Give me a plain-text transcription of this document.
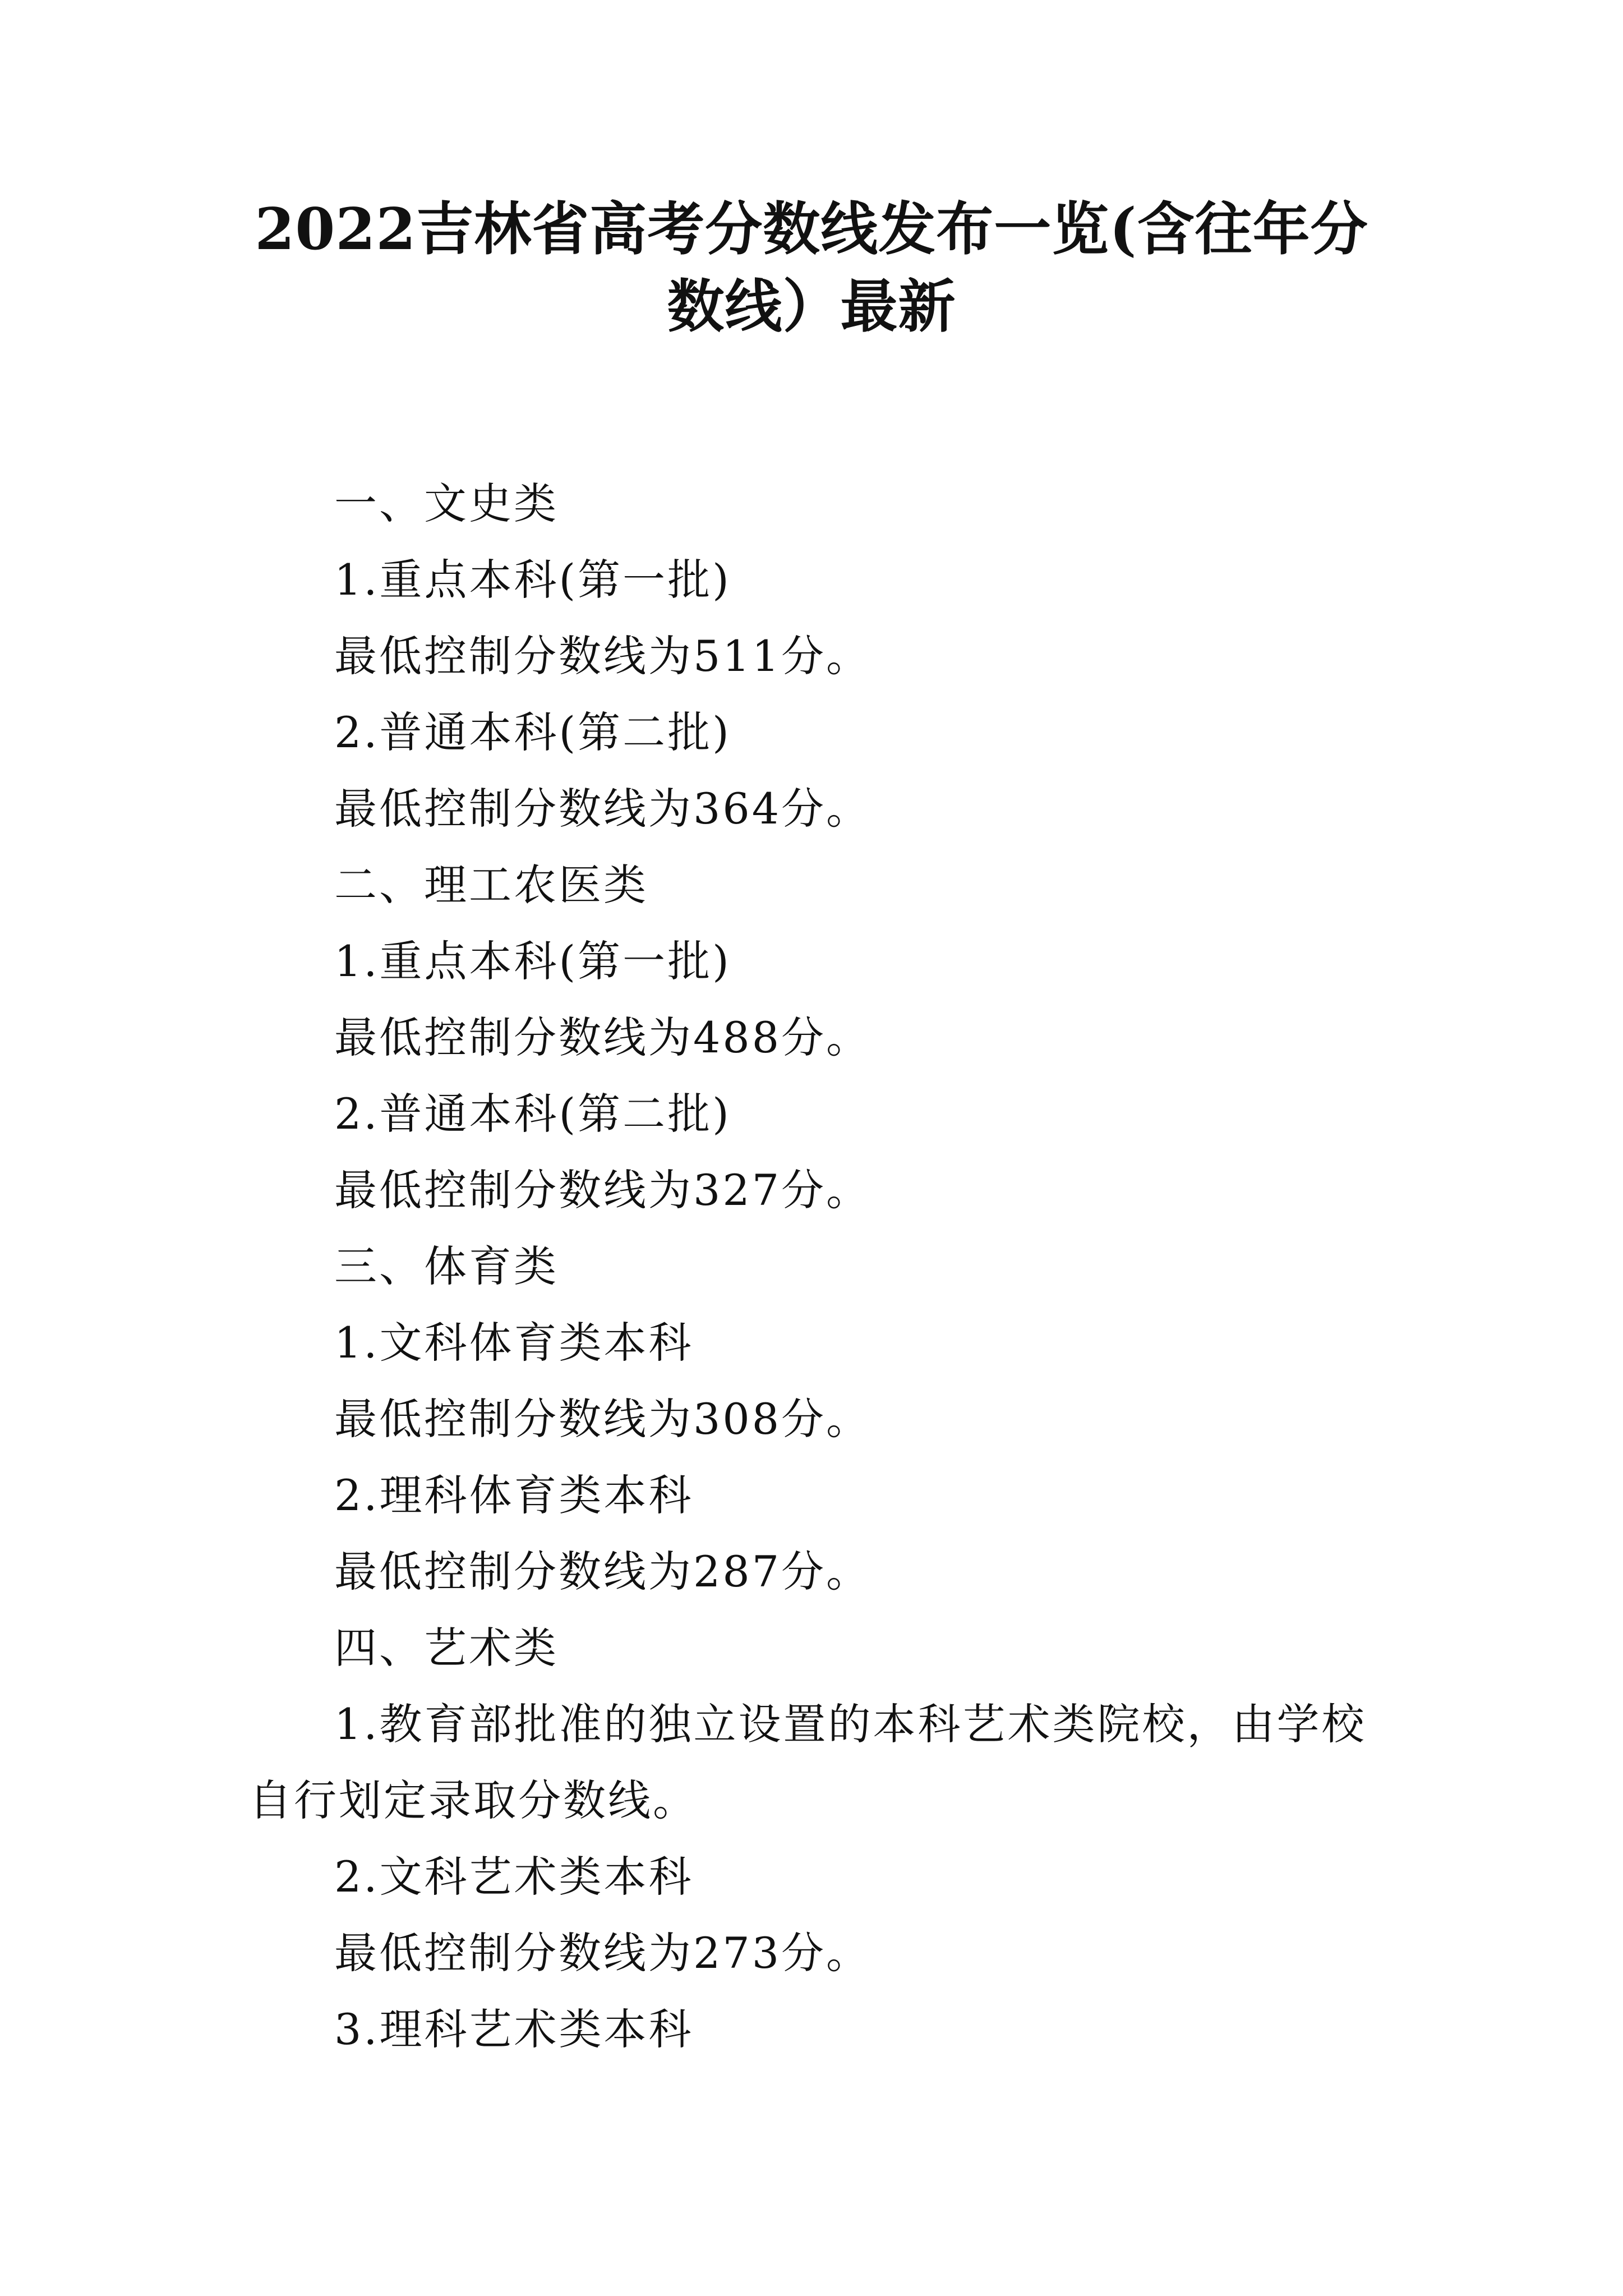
2022吉林省高考分数线发布一览(含往年分数线）最新

一、文史类

1.重点本科(第一批)

最低控制分数线为511分。

2.普通本科(第二批)

最低控制分数线为364分。

二、理工农医类

1.重点本科(第一批)

最低控制分数线为488分。

2.普通本科(第二批)

最低控制分数线为327分。

三、体育类

1.文科体育类本科

最低控制分数线为308分。

2.理科体育类本科

最低控制分数线为287分。

四、艺术类

1.教育部批准的独立设置的本科艺术类院校，由学校自行划定录取分数线。

2.文科艺术类本科

最低控制分数线为273分。

3.理科艺术类本科
